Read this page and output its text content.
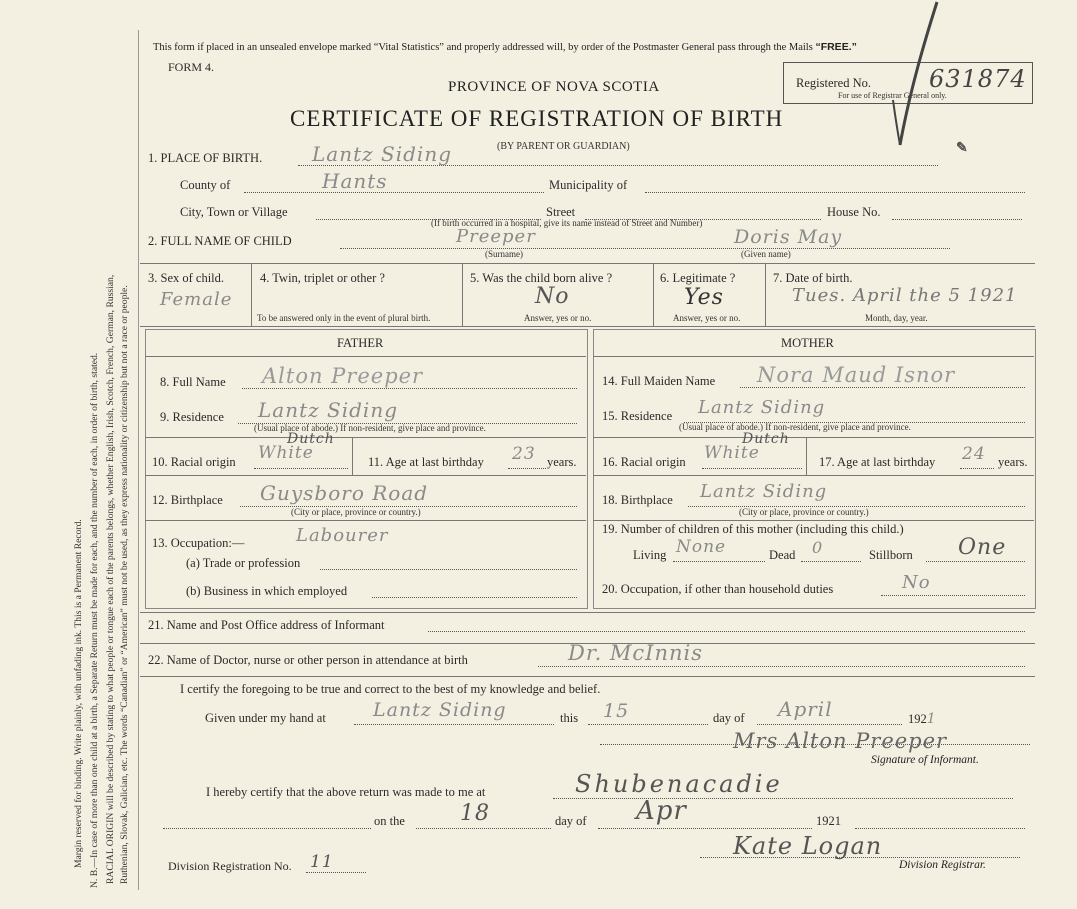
Margin reserved for binding. Write plainly, with unfading ink. This is a Permanent Record. N. B.—In case of more than one child at a birth, a Separate Return must be made for each, and the number of each, in order of birth, stated. RACIAL ORIGIN will be described by stating to what people or tongue each of the parents belongs, whether English, Irish, Scotch, French, German, Russian, Ruthenian, Slovak, Galician, etc. The words “Canadian” or “American” must not be used, as they express nationality or citizenship but not a race or people.
This form if placed in an unsealed envelope marked “Vital Statistics” and properly addressed will, by order of the Postmaster General pass through the Mails “FREE.”
FORM 4.
PROVINCE OF NOVA SCOTIA
CERTIFICATE OF REGISTRATION OF BIRTH
(BY PARENT OR GUARDIAN)
Registered No. 631874
For use of Registrar General only.
✎
1. PLACE OF BIRTH. Lantz Siding
County of	Hants	Municipality of
City, Town or Village	Street	House No.
(If birth occurred in a hospital, give its name instead of Street and Number)
2. FULL NAME OF CHILD	Preeper	Doris May
(Surname)	(Given name)
3. Sex of child.
Female
4. Twin, triplet or other ?
To be answered only in the event of plural birth.
5. Was the child born alive ?
No
Answer, yes or no.
6. Legitimate ?
Yes
Answer, yes or no.
7. Date of birth.
Tues. April the 5 1921
Month, day, year.
FATHER	MOTHER
8. Full Name Alton Preeper
9. Residence Lantz Siding
(Usual place of abode.) If non-resident, give place and province.
10. Racial origin White
Dutch
11. Age at last birthday 23 years.
12. Birthplace Guysboro Road
(City or place, province or country.)
13. Occupation:—	Labourer
(a) Trade or profession
(b) Business in which employed
14. Full Maiden Name Nora Maud Isnor
15. Residence Lantz Siding
(Usual place of abode.) If non-resident, give place and province.
16. Racial origin White
Dutch
17. Age at last birthday 24 years.
18. Birthplace Lantz Siding
(City or place, province or country.)
19. Number of children of this mother (including this child.)
Living None	Dead 0	Stillborn One
20. Occupation, if other than household duties	No
21. Name and Post Office address of Informant
22. Name of Doctor, nurse or other person in attendance at birth	Dr. McInnis
I certify the foregoing to be true and correct to the best of my knowledge and belief.
Given under my hand at Lantz Siding	this 15	day of April	1921
Mrs Alton Preeper
Signature of Informant.
I hereby certify that the above return was made to me at	Shubenacadie
on the	18	day of Apr	1921
Kate Logan
Division Registrar.
Division Registration No. 11
